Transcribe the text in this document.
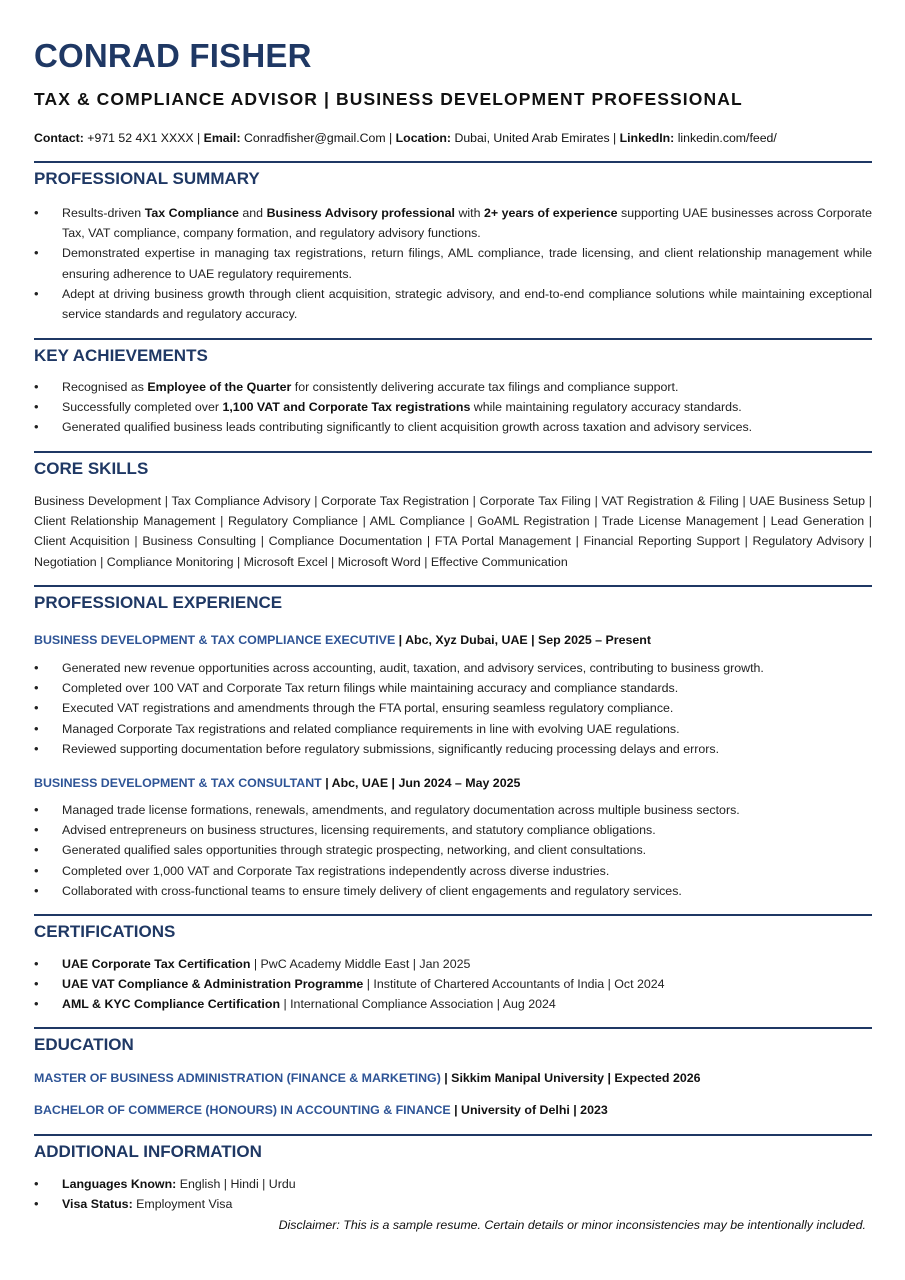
CONRAD FISHER
TAX & COMPLIANCE ADVISOR | BUSINESS DEVELOPMENT PROFESSIONAL
Contact: +971 52 4X1 XXXX | Email: Conradfisher@gmail.Com | Location: Dubai, United Arab Emirates | LinkedIn: linkedin.com/feed/
PROFESSIONAL SUMMARY
• Results-driven Tax Compliance and Business Advisory professional with 2+ years of experience supporting UAE businesses across Corporate Tax, VAT compliance, company formation, and regulatory advisory functions.
• Demonstrated expertise in managing tax registrations, return filings, AML compliance, trade licensing, and client relationship management while ensuring adherence to UAE regulatory requirements.
• Adept at driving business growth through client acquisition, strategic advisory, and end-to-end compliance solutions while maintaining exceptional service standards and regulatory accuracy.
KEY ACHIEVEMENTS
• Recognised as Employee of the Quarter for consistently delivering accurate tax filings and compliance support.
• Successfully completed over 1,100 VAT and Corporate Tax registrations while maintaining regulatory accuracy standards.
• Generated qualified business leads contributing significantly to client acquisition growth across taxation and advisory services.
CORE SKILLS
Business Development | Tax Compliance Advisory | Corporate Tax Registration | Corporate Tax Filing | VAT Registration & Filing | UAE Business Setup | Client Relationship Management | Regulatory Compliance | AML Compliance | GoAML Registration | Trade License Management | Lead Generation | Client Acquisition | Business Consulting | Compliance Documentation | FTA Portal Management | Financial Reporting Support | Regulatory Advisory | Negotiation | Compliance Monitoring | Microsoft Excel | Microsoft Word | Effective Communication
PROFESSIONAL EXPERIENCE
BUSINESS DEVELOPMENT & TAX COMPLIANCE EXECUTIVE | Abc, Xyz Dubai, UAE | Sep 2025 – Present
• Generated new revenue opportunities across accounting, audit, taxation, and advisory services, contributing to business growth.
• Completed over 100 VAT and Corporate Tax return filings while maintaining accuracy and compliance standards.
• Executed VAT registrations and amendments through the FTA portal, ensuring seamless regulatory compliance.
• Managed Corporate Tax registrations and related compliance requirements in line with evolving UAE regulations.
• Reviewed supporting documentation before regulatory submissions, significantly reducing processing delays and errors.
BUSINESS DEVELOPMENT & TAX CONSULTANT | Abc, UAE | Jun 2024 – May 2025
• Managed trade license formations, renewals, amendments, and regulatory documentation across multiple business sectors.
• Advised entrepreneurs on business structures, licensing requirements, and statutory compliance obligations.
• Generated qualified sales opportunities through strategic prospecting, networking, and client consultations.
• Completed over 1,000 VAT and Corporate Tax registrations independently across diverse industries.
• Collaborated with cross-functional teams to ensure timely delivery of client engagements and regulatory services.
CERTIFICATIONS
• UAE Corporate Tax Certification | PwC Academy Middle East | Jan 2025
• UAE VAT Compliance & Administration Programme | Institute of Chartered Accountants of India | Oct 2024
• AML & KYC Compliance Certification | International Compliance Association | Aug 2024
EDUCATION
MASTER OF BUSINESS ADMINISTRATION (FINANCE & MARKETING) | Sikkim Manipal University | Expected 2026
BACHELOR OF COMMERCE (HONOURS) IN ACCOUNTING & FINANCE | University of Delhi | 2023
ADDITIONAL INFORMATION
• Languages Known: English | Hindi | Urdu
• Visa Status: Employment Visa
Disclaimer: This is a sample resume. Certain details or minor inconsistencies may be intentionally included.
